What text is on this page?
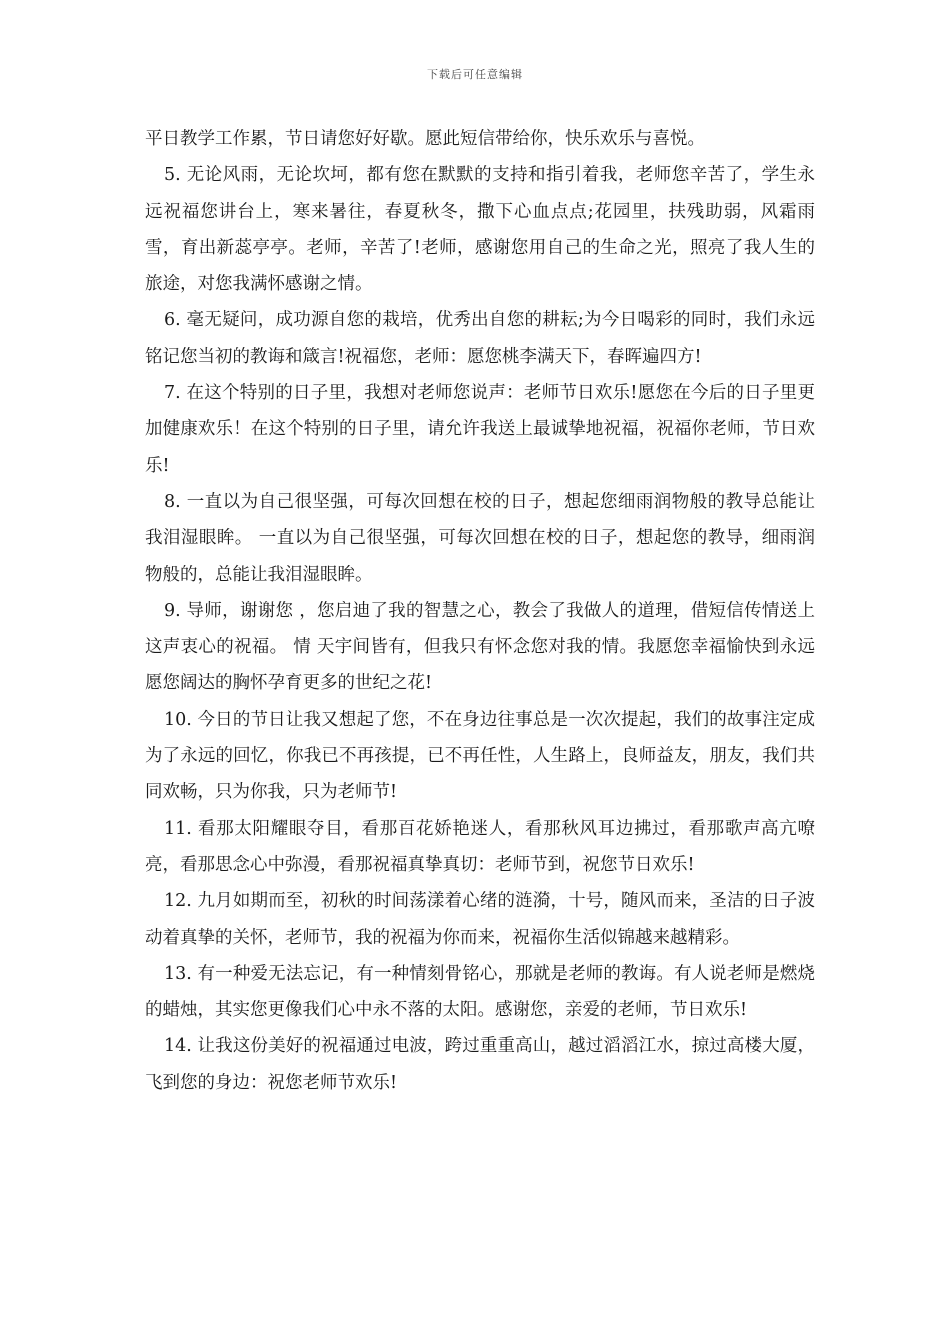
下载后可任意编辑

平日教学工作累，节日请您好好歇。愿此短信带给你，快乐欢乐与喜悦。

5. 无论风雨，无论坎坷，都有您在默默的支持和指引着我，老师您辛苦了，学生永远祝福您讲台上，寒来暑往，春夏秋冬，撒下心血点点;花园里，扶残助弱，风霜雨雪，育出新蕊亭亭。老师，辛苦了!老师，感谢您用自己的生命之光，照亮了我人生的旅途，对您我满怀感谢之情。

6. 毫无疑问，成功源自您的栽培，优秀出自您的耕耘;为今日喝彩的同时，我们永远铭记您当初的教诲和箴言!祝福您，老师：愿您桃李满天下，春晖遍四方!

7. 在这个特别的日子里，我想对老师您说声：老师节日欢乐!愿您在今后的日子里更加健康欢乐！在这个特别的日子里，请允许我送上最诚挚地祝福，祝福你老师，节日欢乐!

8. 一直以为自己很坚强，可每次回想在校的日子，想起您细雨润物般的教导总能让我泪湿眼眸。 一直以为自己很坚强，可每次回想在校的日子，想起您的教导，细雨润物般的，总能让我泪湿眼眸。

9. 导师，谢谢您 ，您启迪了我的智慧之心，教会了我做人的道理，借短信传情送上这声衷心的祝福。 情 天宇间皆有，但我只有怀念您对我的情。我愿您幸福愉快到永远 愿您阔达的胸怀孕育更多的世纪之花!

10. 今日的节日让我又想起了您，不在身边往事总是一次次提起，我们的故事注定成为了永远的回忆，你我已不再孩提，已不再任性，人生路上，良师益友，朋友，我们共同欢畅，只为你我，只为老师节!

11. 看那太阳耀眼夺目，看那百花娇艳迷人，看那秋风耳边拂过，看那歌声高亢嘹亮，看那思念心中弥漫，看那祝福真挚真切：老师节到，祝您节日欢乐!

12. 九月如期而至，初秋的时间荡漾着心绪的涟漪，十号，随风而来，圣洁的日子波动着真挚的关怀，老师节，我的祝福为你而来，祝福你生活似锦越来越精彩。

13. 有一种爱无法忘记，有一种情刻骨铭心，那就是老师的教诲。有人说老师是燃烧的蜡烛，其实您更像我们心中永不落的太阳。感谢您，亲爱的老师，节日欢乐!

14. 让我这份美好的祝福通过电波，跨过重重高山，越过滔滔江水，掠过高楼大厦，飞到您的身边：祝您老师节欢乐!
